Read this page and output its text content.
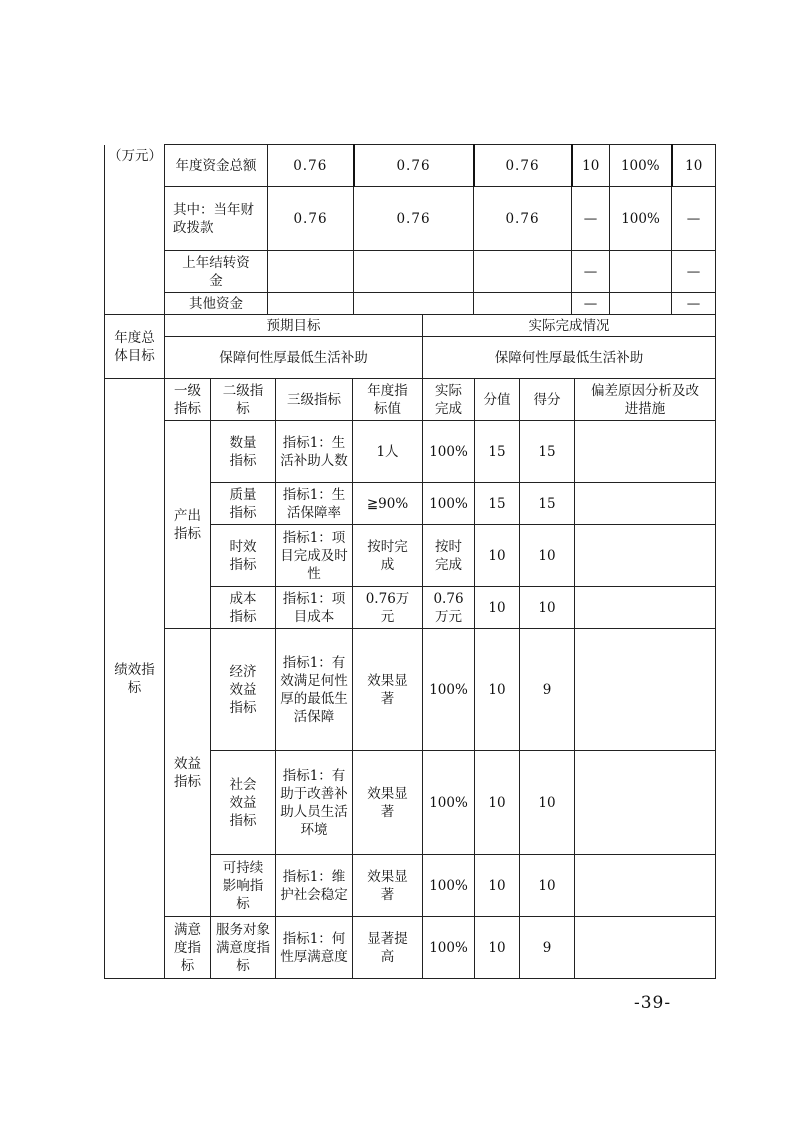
（万元）	年度资金总额	0.76	0.76	0.76	10	100%	10
	其中：当年财政拨款	0.76	0.76	0.76	—	100%	—
	上年结转资金				—		—
	其他资金				—		—
年度总体目标	预期目标	实际完成情况
	保障何性厚最低生活补助	保障何性厚最低生活补助
绩效指标	一级指标	二级指标	三级指标	年度指标值	实际完成	分值	得分	偏差原因分析及改进措施
	产出指标	数量指标	指标1：生活补助人数	1人	100%	15	15	
		质量指标	指标1：生活保障率	≧90%	100%	15	15	
		时效指标	指标1：项目完成及时性	按时完成	按时完成	10	10	
		成本指标	指标1：项目成本	0.76万元	0.76万元	10	10	
	效益指标	经济效益指标	指标1：有效满足何性厚的最低生活保障	效果显著	100%	10	9	
		社会效益指标	指标1：有助于改善补助人员生活环境	效果显著	100%	10	10	
		可持续影响指标	指标1：维护社会稳定	效果显著	100%	10	10	
	满意度指标	服务对象满意度指标	指标1：何性厚满意度	显著提高	100%	10	9	
-39-
